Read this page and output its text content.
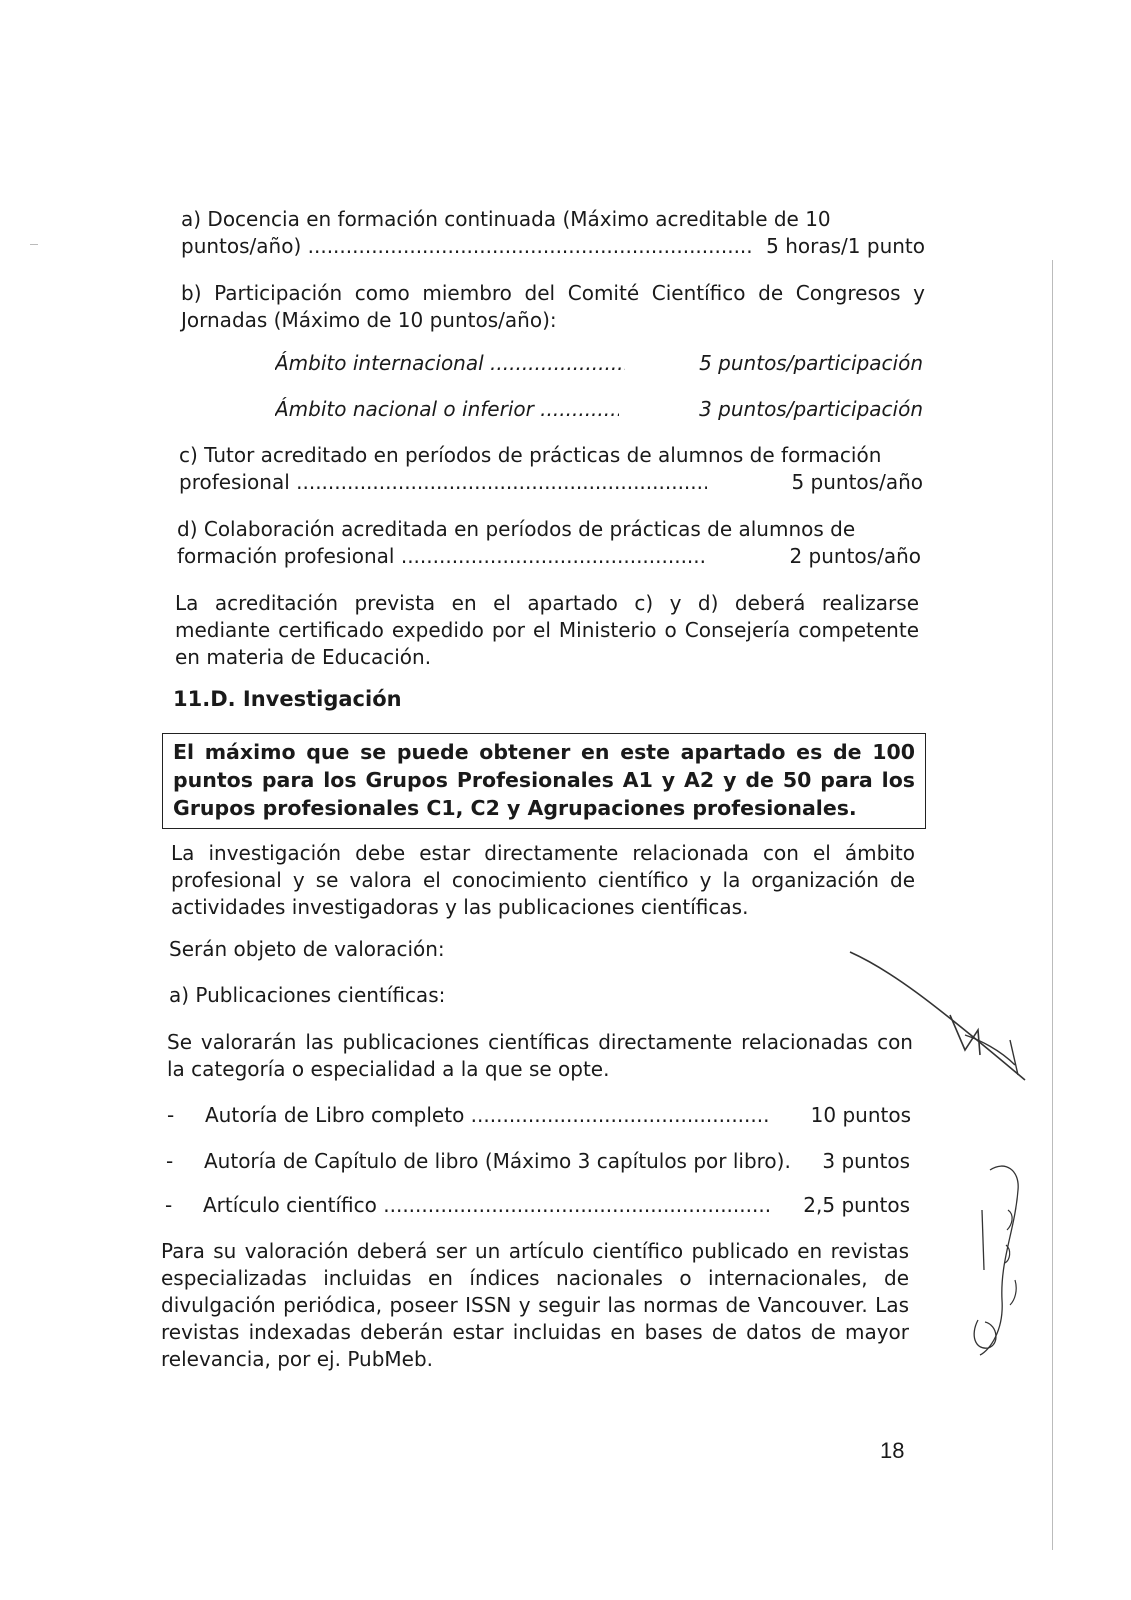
a) Docencia en formación continuada (Máximo acreditable de 10
puntos/año) .....	5 horas/1 punto
b) Participación como miembro del Comité Científico de Congresos y Jornadas (Máximo de 10 puntos/año):
Ámbito internacional .....	5 puntos/participación
Ámbito nacional o inferior .....	3 puntos/participación
c) Tutor acreditado en períodos de prácticas de alumnos de formación
profesional .....	5 puntos/año
d) Colaboración acreditada en períodos de prácticas de alumnos de
formación profesional .....	2 puntos/año
La acreditación prevista en el apartado c) y d) deberá realizarse mediante certificado expedido por el Ministerio o Consejería competente en materia de Educación.
11.D. Investigación
El máximo que se puede obtener en este apartado es de 100 puntos para los Grupos Profesionales A1 y A2 y de 50 para los Grupos profesionales C1, C2 y Agrupaciones profesionales.
La investigación debe estar directamente relacionada con el ámbito profesional y se valora el conocimiento científico y la organización de actividades investigadoras y las publicaciones científicas.
Serán objeto de valoración:
a) Publicaciones científicas:
Se valorarán las publicaciones científicas directamente relacionadas con la categoría o especialidad a la que se opte.
-	Autoría de Libro completo .....	10 puntos
-	Autoría de Capítulo de libro (Máximo 3 capítulos por libro). 3 puntos
-	Artículo científico .....	2,5 puntos
Para su valoración deberá ser un artículo científico publicado en revistas especializadas incluidas en índices nacionales o internacionales, de divulgación periódica, poseer ISSN y seguir las normas de Vancouver. Las revistas indexadas deberán estar incluidas en bases de datos de mayor relevancia, por ej. PubMeb.
18
